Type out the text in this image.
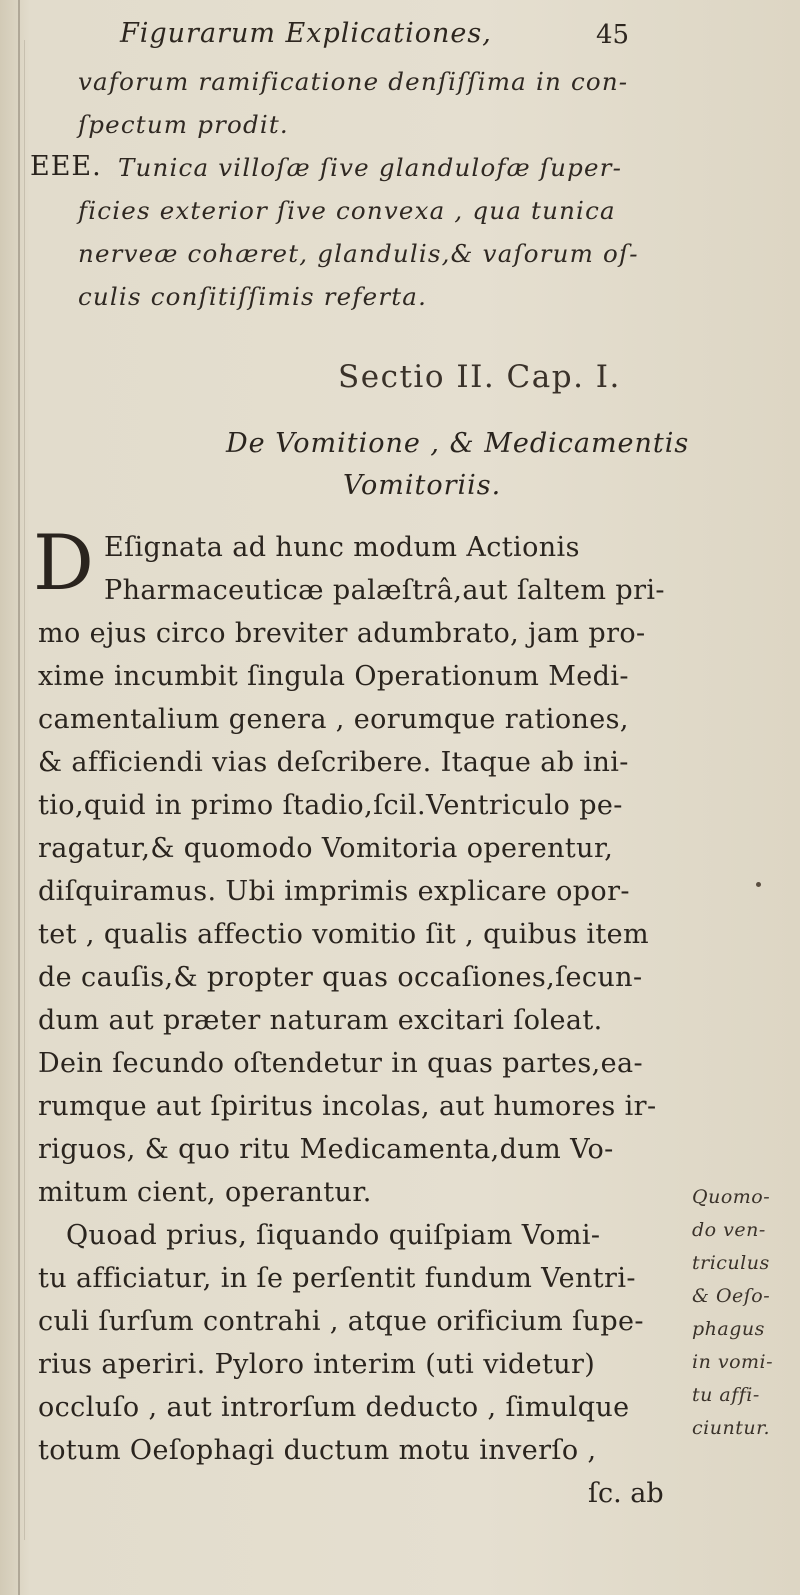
Figurarum Explicationes,	45
vaforum ramificatione denſiſſima in con-
ſpectum prodit.
EEE. Tunica villoſæ ſive glandulofæ ſuper-
ficies exterior ſive convexa , qua tunica
nerveæ cohæret, glandulis,& vaſorum oſ-
culis conſitiſſimis referta.
Sectio II. Cap. I.
De Vomitione , & Medicamentis
Vomitoriis.
D Eſignata ad hunc modum Actionis
Pharmaceuticæ palæſtrâ,aut ſaltem pri-
mo ejus circo breviter adumbrato, jam pro-
xime incumbit ſingula Operationum Medi-
camentalium genera , eorumque rationes,
& afficiendi vias deſcribere. Itaque ab ini-
tio,quid in primo ſtadio,ſcil.Ventriculo pe-
ragatur,& quomodo Vomitoria operentur,
diſquiramus. Ubi imprimis explicare opor-
tet , qualis affectio vomitio ſit , quibus item
de cauſis,& propter quas occaſiones,ſecun-
dum aut præter naturam excitari ſoleat.
Dein ſecundo oſtendetur in quas partes,ea-
rumque aut ſpiritus incolas, aut humores ir-
riguos, & quo ritu Medicamenta,dum Vo-
mitum cient, operantur.
Quoad prius, ſiquando quiſpiam Vomi-
tu afficiatur, in ſe perſentit fundum Ventri-
culi ſurſum contrahi , atque orificium ſupe-
rius aperiri. Pyloro interim (uti videtur)
occluſo , aut introrſum deducto , ſimulque
totum Oeſophagi ductum motu inverſo ,
Quomo-
do ven-
triculus
& Oeſo-
phagus
in vomi-
tu affi-
ciuntur.
ſc. ab
